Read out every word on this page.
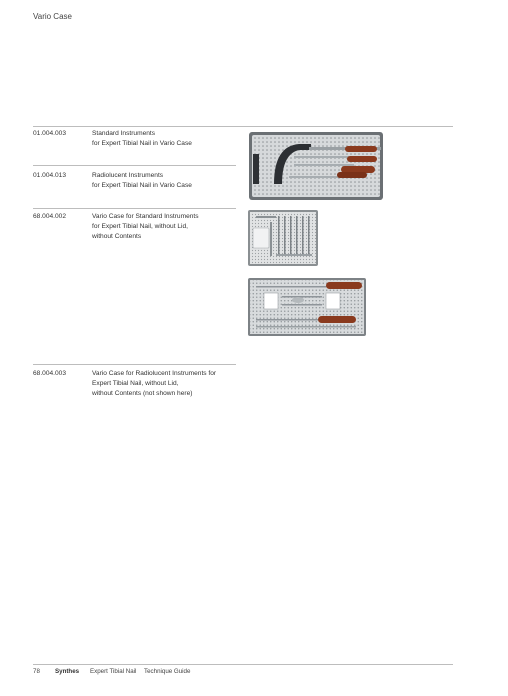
Vario Case
01.004.003	Standard Instruments
for Expert Tibial Nail in Vario Case
01.004.013	Radiolucent Instruments
for Expert Tibial Nail in Vario Case
68.004.002	Vario Case for Standard Instruments
for Expert Tibial Nail, without Lid,
without Contents
68.004.003	Vario Case for Radiolucent Instruments for
Expert Tibial Nail, without Lid,
without Contents (not shown here)
78 Synthes Expert Tibial Nail Technique Guide
